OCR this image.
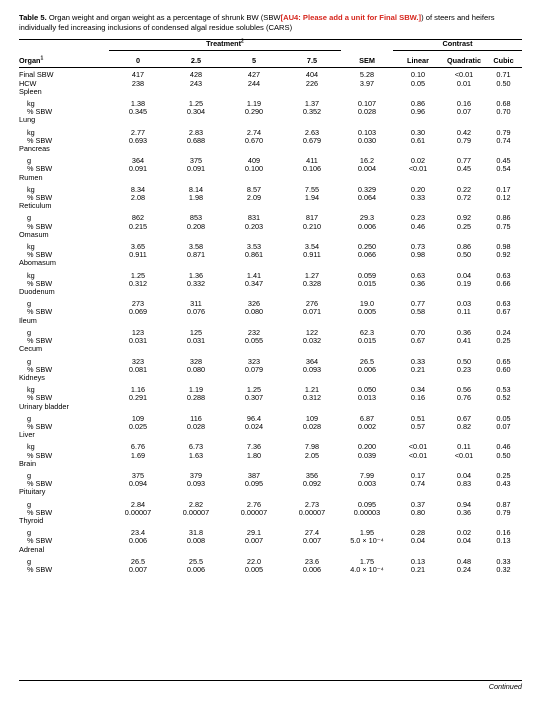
Table 5. Organ weight and organ weight as a percentage of shrunk BW (SBW[AU4: Please add a unit for Final SBW.]) of steers and heifers individually fed increasing inclusions of condensed algal residue solubles (CARS)

	Treatment$^2$					Contrast		
Organ$^1$	0	2.5	5	7.5	SEM	Linear	Quadratic	Cubic
Final SBW	417	428	427	404	5.28	0.10	<0.01	0.71
HCW	238	243	244	226	3.97	0.05	0.01	0.50
Spleen								
kg	1.38	1.25	1.19	1.37	0.107	0.86	0.16	0.68
% SBW	0.345	0.304	0.290	0.352	0.028	0.96	0.07	0.70
Lung								
kg	2.77	2.83	2.74	2.63	0.103	0.30	0.42	0.79
% SBW	0.693	0.688	0.670	0.679	0.030	0.61	0.79	0.74
Pancreas								
g	364	375	409	411	16.2	0.02	0.77	0.45
% SBW	0.091	0.091	0.100	0.106	0.004	<0.01	0.45	0.54
Rumen								
kg	8.34	8.14	8.57	7.55	0.329	0.20	0.22	0.17
% SBW	2.08	1.98	2.09	1.94	0.064	0.33	0.72	0.12
Reticulum								
g	862	853	831	817	29.3	0.23	0.92	0.86
% SBW	0.215	0.208	0.203	0.210	0.006	0.46	0.25	0.75
Omasum								
kg	3.65	3.58	3.53	3.54	0.250	0.73	0.86	0.98
% SBW	0.911	0.871	0.861	0.911	0.066	0.98	0.50	0.92
Abomasum								
kg	1.25	1.36	1.41	1.27	0.059	0.63	0.04	0.63
% SBW	0.312	0.332	0.347	0.328	0.015	0.36	0.19	0.66
Duodenum								
g	273	311	326	276	19.0	0.77	0.03	0.63
% SBW	0.069	0.076	0.080	0.071	0.005	0.58	0.11	0.67
Ileum								
g	123	125	232	122	62.3	0.70	0.36	0.24
% SBW	0.031	0.031	0.055	0.032	0.015	0.67	0.41	0.25
Cecum								
g	323	328	323	364	26.5	0.33	0.50	0.65
% SBW	0.081	0.080	0.079	0.093	0.006	0.21	0.23	0.60
Kidneys								
kg	1.16	1.19	1.25	1.21	0.050	0.34	0.56	0.53
% SBW	0.291	0.288	0.307	0.312	0.013	0.16	0.76	0.52
Urinary bladder								
g	109	116	96.4	109	6.87	0.51	0.67	0.05
% SBW	0.025	0.028	0.024	0.028	0.002	0.57	0.82	0.07
Liver								
kg	6.76	6.73	7.36	7.98	0.200	<0.01	0.11	0.46
% SBW	1.69	1.63	1.80	2.05	0.039	<0.01	<0.01	0.50
Brain								
g	375	379	387	356	7.99	0.17	0.04	0.25
% SBW	0.094	0.093	0.095	0.092	0.003	0.74	0.83	0.43
Pituitary								
g	2.84	2.82	2.76	2.73	0.095	0.37	0.94	0.87
% SBW	0.00007	0.00007	0.00007	0.00007	0.00003	0.80	0.36	0.79
Thyroid								
g	23.4	31.8	29.1	27.4	1.95	0.28	0.02	0.16
% SBW	0.006	0.008	0.007	0.007	5.0 × 10⁻⁴	0.04	0.04	0.13
Adrenal								
g	26.5	25.5	22.0	23.6	1.75	0.13	0.48	0.33
% SBW	0.007	0.006	0.005	0.006	4.0 × 10⁻⁴	0.21	0.24	0.32
Continued
